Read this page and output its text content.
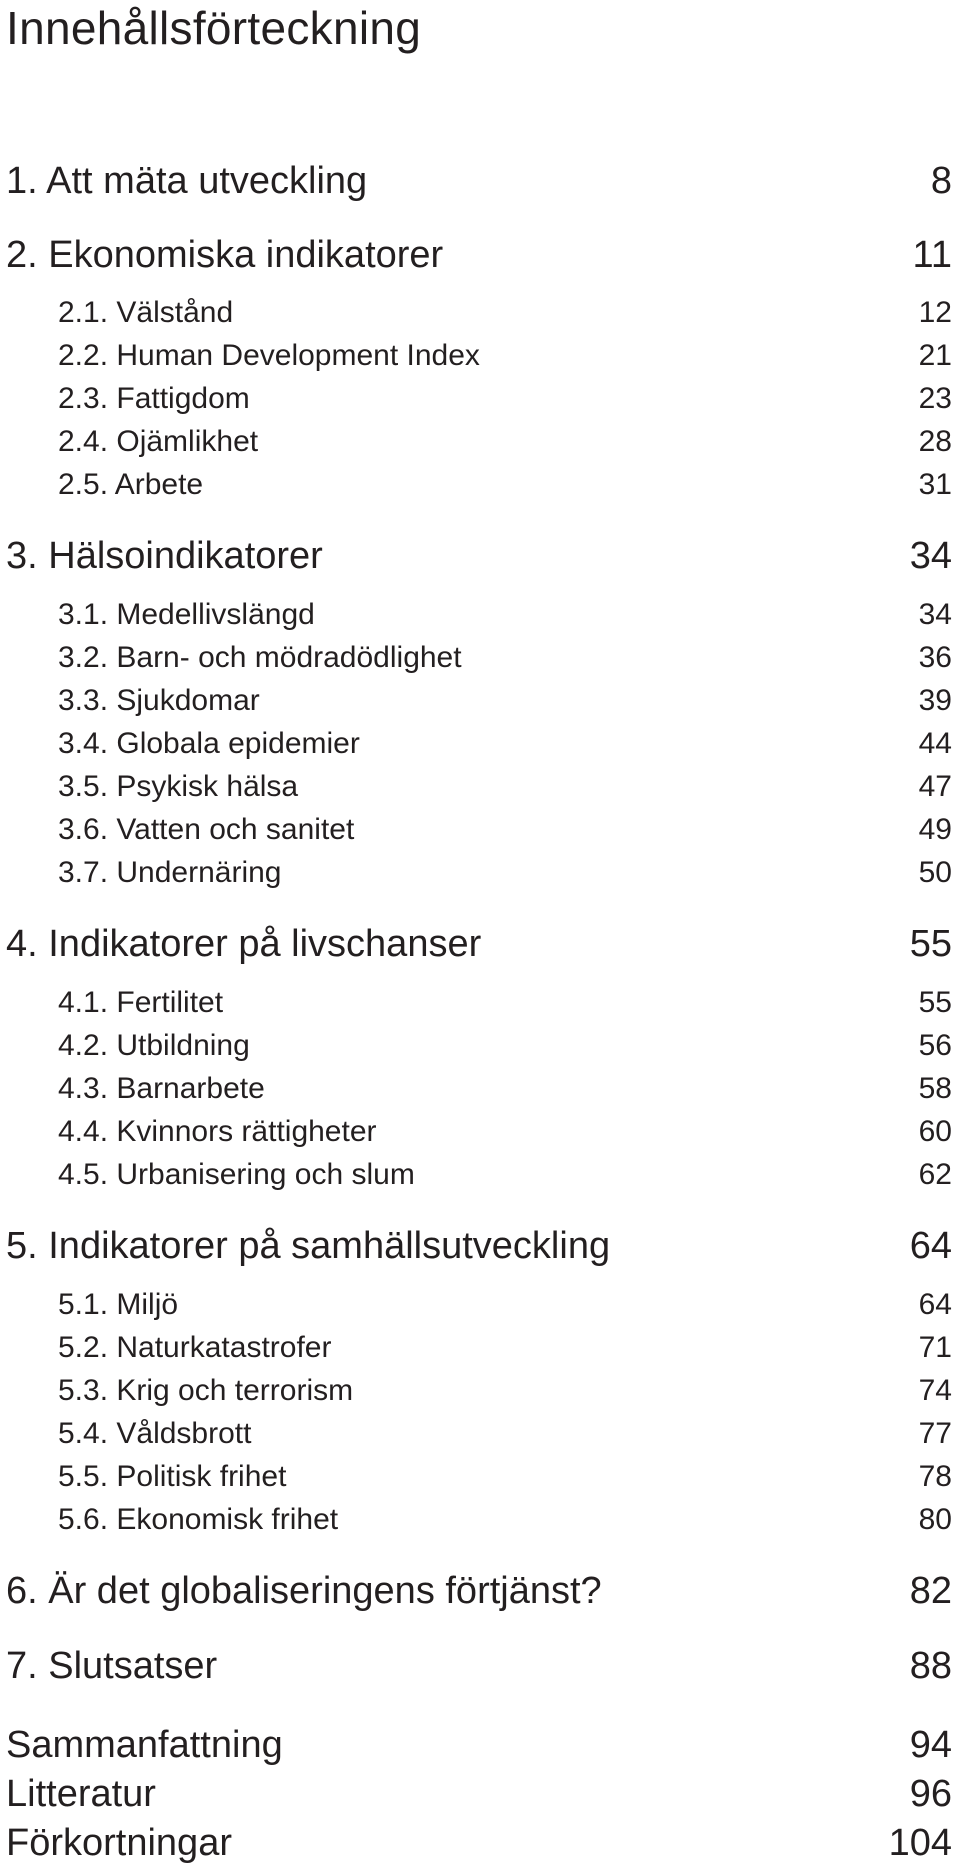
Innehållsförteckning
1. Att mäta utveckling	8
2. Ekonomiska indikatorer	11
2.1. Välstånd	12
2.2. Human Development Index	21
2.3. Fattigdom	23
2.4. Ojämlikhet	28
2.5. Arbete	31
3. Hälsoindikatorer	34
3.1. Medellivslängd	34
3.2. Barn- och mödradödlighet	36
3.3. Sjukdomar	39
3.4. Globala epidemier	44
3.5. Psykisk hälsa	47
3.6. Vatten och sanitet	49
3.7. Undernäring	50
4. Indikatorer på livschanser	55
4.1. Fertilitet	55
4.2. Utbildning	56
4.3. Barnarbete	58
4.4. Kvinnors rättigheter	60
4.5. Urbanisering och slum	62
5. Indikatorer på samhällsutveckling	64
5.1. Miljö	64
5.2. Naturkatastrofer	71
5.3. Krig och terrorism	74
5.4. Våldsbrott	77
5.5. Politisk frihet	78
5.6. Ekonomisk frihet	80
6. Är det globaliseringens förtjänst?	82
7. Slutsatser	88
Sammanfattning	94
Litteratur	96
Förkortningar	104
